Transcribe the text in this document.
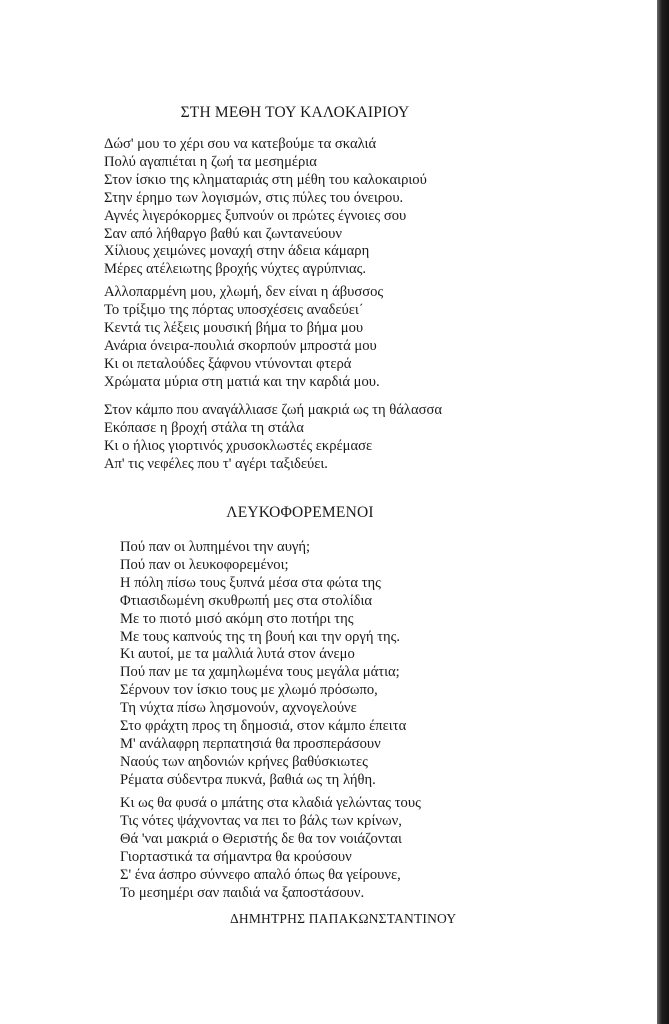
ΣΤΗ ΜΕΘΗ ΤΟΥ ΚΑΛΟΚΑΙΡΙΟΥ
Δώσ' μου το χέρι σου να κατεβούμε τα σκαλιά
Πολύ αγαπιέται η ζωή τα μεσημέρια
Στον ίσκιο της κληματαριάς στη μέθη του καλοκαιριού
Στην έρημο των λογισμών, στις πύλες του όνειρου.
Αγνές λιγερόκορμες ξυπνούν οι πρώτες έγνοιες σου
Σαν από λήθαργο βαθύ και ζωντανεύουν
Χίλιους χειμώνες μοναχή στην άδεια κάμαρη
Μέρες ατέλειωτης βροχής νύχτες αγρύπνιας.
Αλλοπαρμένη μου, χλωμή, δεν είναι η άβυσσος
Το τρίξιμο της πόρτας υποσχέσεις αναδεύει΄
Κεντά τις λέξεις μουσική βήμα το βήμα μου
Ανάρια όνειρα-πουλιά σκορπούν μπροστά μου
Κι οι πεταλούδες ξάφνου ντύνονται φτερά
Χρώματα μύρια στη ματιά και την καρδιά μου.
Στον κάμπο που αναγάλλιασε ζωή μακριά ως τη θάλασσα
Εκόπασε η βροχή στάλα τη στάλα
Κι ο ήλιος γιορτινός χρυσοκλωστές εκρέμασε
Απ' τις νεφέλες που τ' αγέρι ταξιδεύει.
ΛΕΥΚΟΦΟΡΕΜΕΝΟΙ
Πού παν οι λυπημένοι την αυγή;
Πού παν οι λευκοφορεμένοι;
Η πόλη πίσω τους ξυπνά μέσα στα φώτα της
Φτιασιδωμένη σκυθρωπή μες στα στολίδια
Με το πιοτό μισό ακόμη στο ποτήρι της
Με τους καπνούς της τη βουή και την οργή της.
Κι αυτοί, με τα μαλλιά λυτά στον άνεμο
Πού παν με τα χαμηλωμένα τους μεγάλα μάτια;
Σέρνουν τον ίσκιο τους με χλωμό πρόσωπο,
Τη νύχτα πίσω λησμονούν, αχνογελούνε
Στο φράχτη προς τη δημοσιά, στον κάμπο έπειτα
Μ' ανάλαφρη περπατησιά θα προσπεράσουν
Ναούς των αηδονιών κρήνες βαθύσκιωτες
Ρέματα σύδεντρα πυκνά, βαθιά ως τη λήθη.
Κι ως θα φυσά ο μπάτης στα κλαδιά γελώντας τους
Τις νότες ψάχνοντας να πει το βάλς των κρίνων,
Θά 'ναι μακριά ο Θεριστής δε θα τον νοιάζονται
Γιορταστικά τα σήμαντρα θα κρούσουν
Σ' ένα άσπρο σύννεφο απαλό όπως θα γείρουνε,
Το μεσημέρι σαν παιδιά να ξαποστάσουν.
ΔΗΜΗΤΡΗΣ ΠΑΠΑΚΩΝΣΤΑΝΤΙΝΟΥ
